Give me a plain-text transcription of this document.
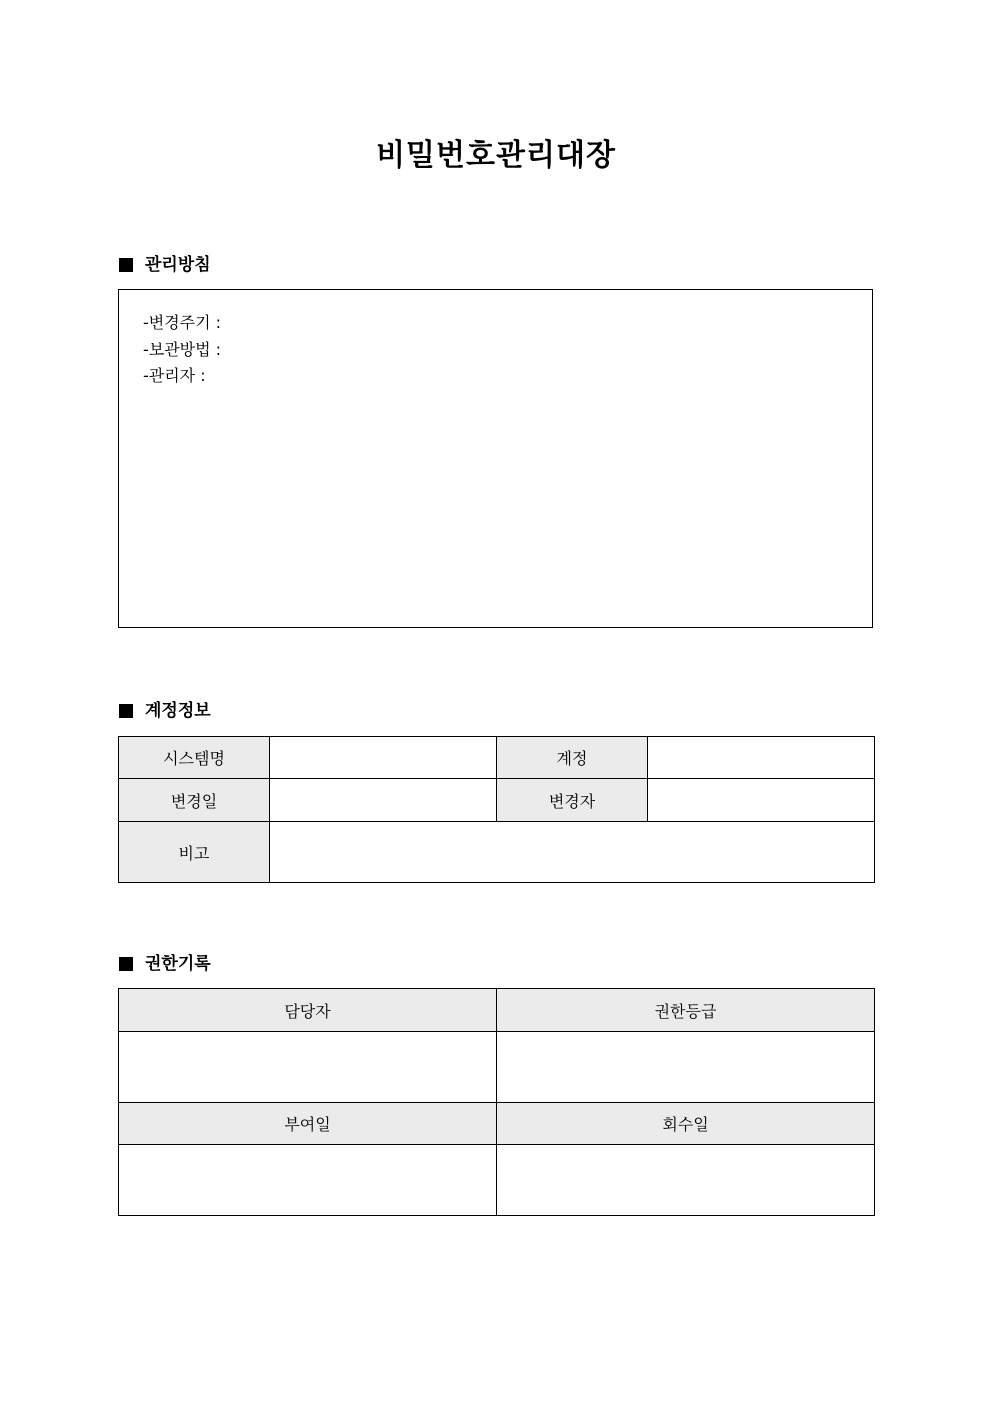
비밀번호관리대장
관리방침
-변경주기 :
-보관방법 :
-관리자 :
계정정보
시스템명		계정	
변경일		변경자	
비고			
권한기록
담당자	권한등급

부여일	회수일
